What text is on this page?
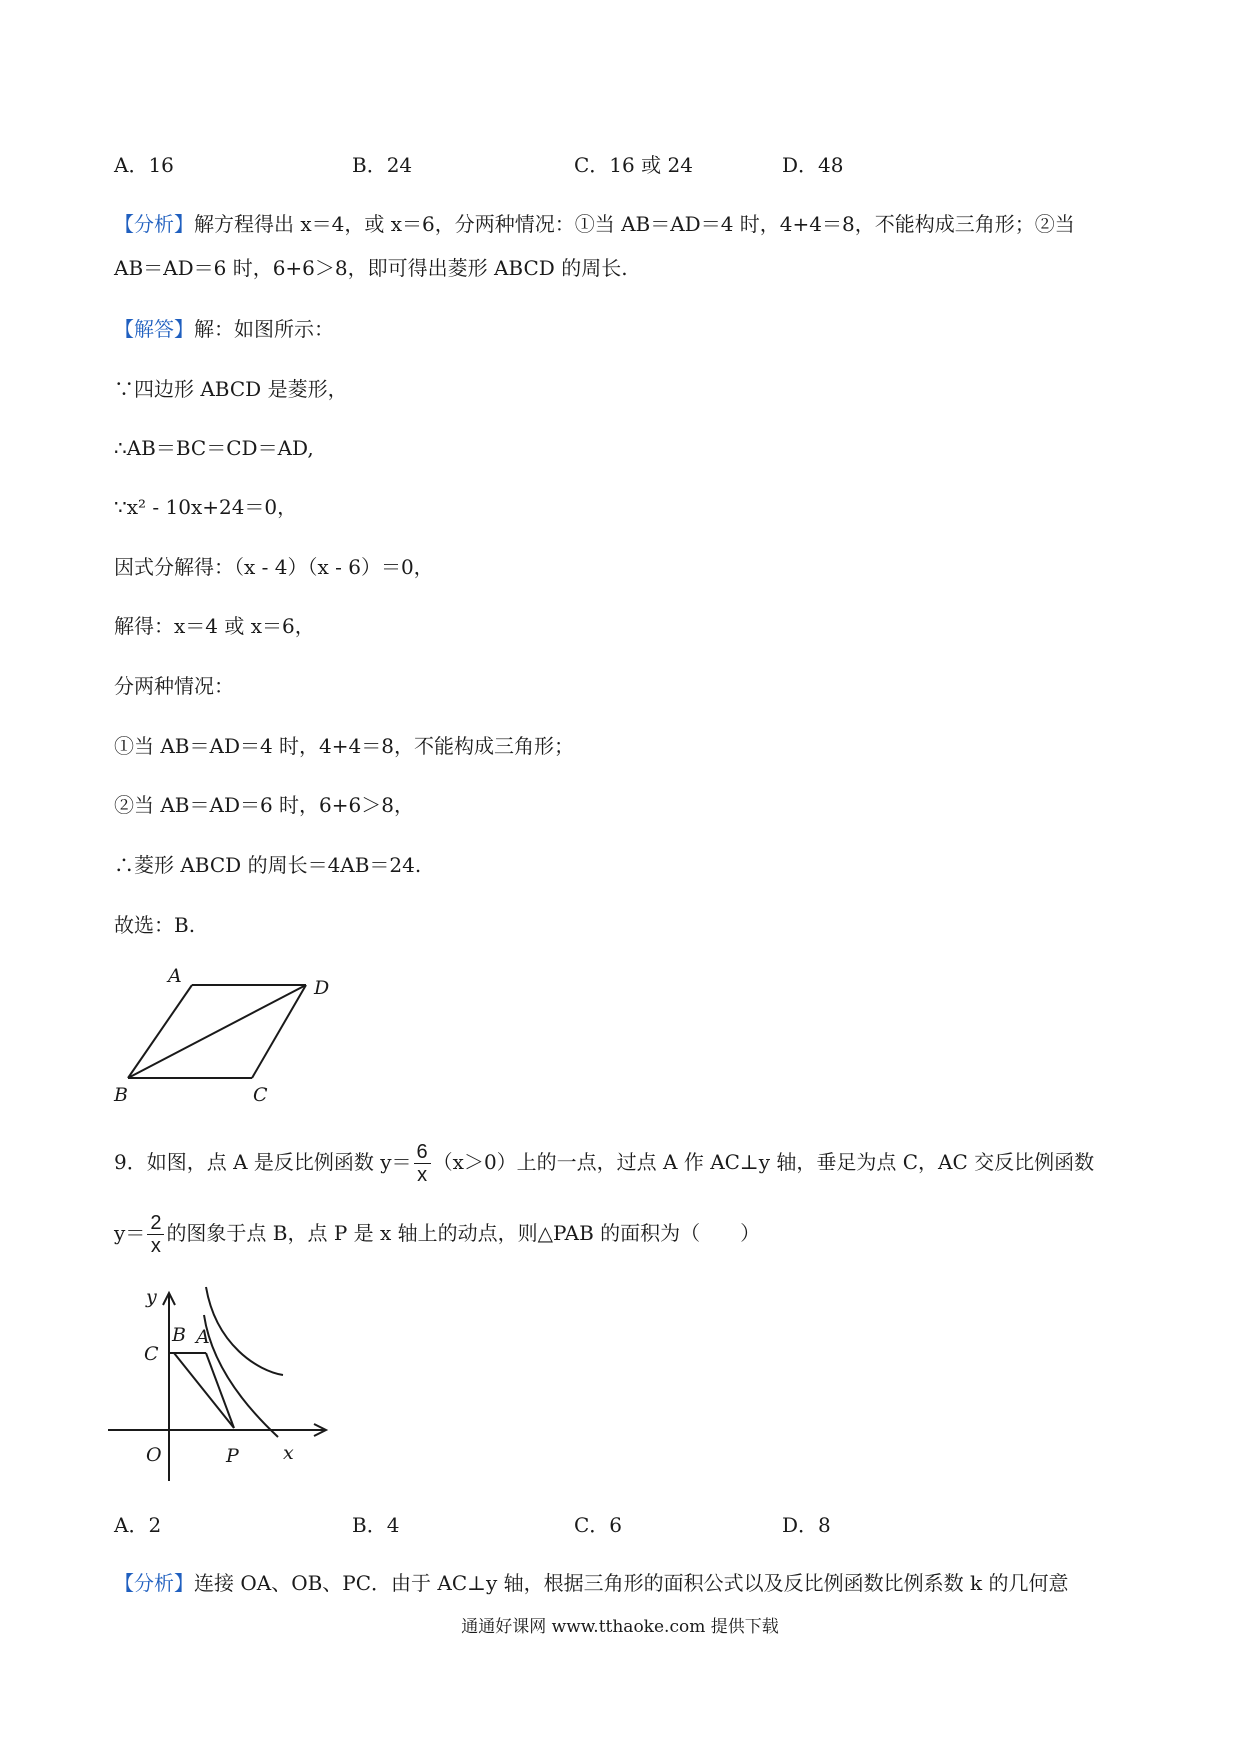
A．16	B．24	C．16 或 24	D．48
【分析】解方程得出 x＝4，或 x＝6，分两种情况：①当 AB＝AD＝4 时，4+4＝8，不能构成三角形；②当
AB＝AD＝6 时，6+6＞8，即可得出菱形 ABCD 的周长.
【解答】解：如图所示：
∵四边形 ABCD 是菱形，
∴AB＝BC＝CD＝AD,
∵x² - 10x+24＝0，
因式分解得：（x - 4）（x - 6）＝0，
解得：x＝4 或 x＝6，
分两种情况：
①当 AB＝AD＝4 时，4+4＝8，不能构成三角形；
②当 AB＝AD＝6 时，6+6＞8，
∴菱形 ABCD 的周长＝4AB＝24.
故选：B.
A
D
B	C
9．如图，点 A 是反比例函数 $y= \frac{6}{x} (x>0)$上的一点，过点 A 作 AC⊥y 轴，垂足为点 C，AC 交反比例函数
$y= \frac{2}{x}$ 的图象于点 B，点 P 是 x 轴上的动点，则△PAB 的面积为（　　）
y
x
O
C
B A
P
A．2	B．4	C．6	D．8
【分析】连接 OA、OB、PC．由于 AC⊥y 轴，根据三角形的面积公式以及反比例函数比例系数 k 的几何意
通通好课网 www.tthaoke.com 提供下载
